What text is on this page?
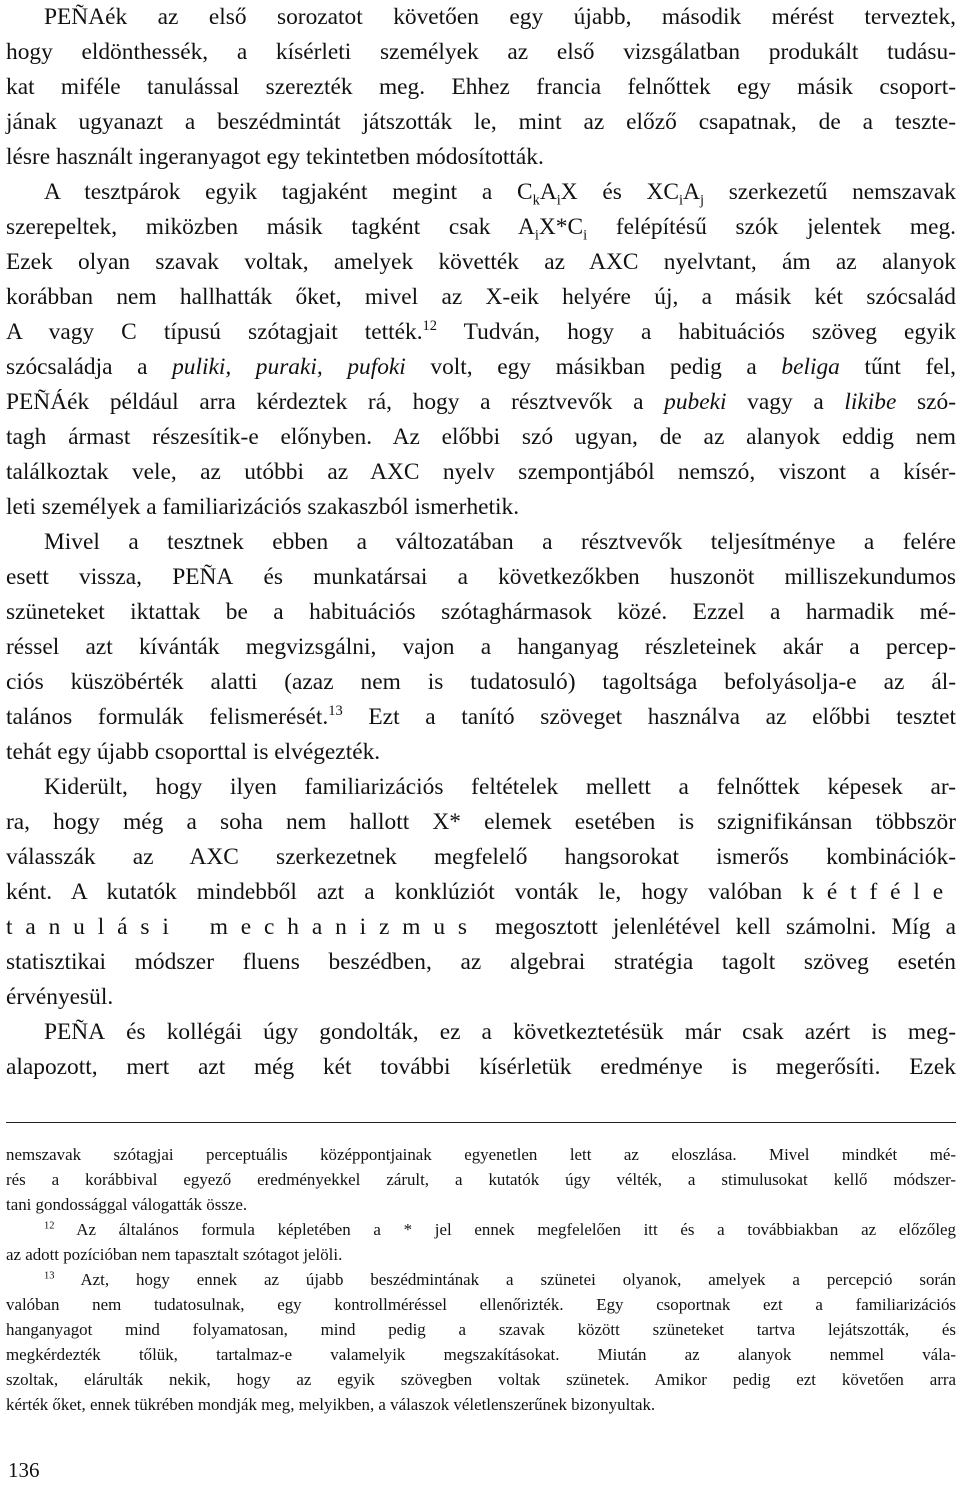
PEÑAék az első sorozatot követően egy újabb, második mérést terveztek,
hogy eldönthessék, a kísérleti személyek az első vizsgálatban produkált tudásu-
kat miféle tanulással szerezték meg. Ehhez francia felnőttek egy másik csoport-
jának ugyanazt a beszédmintát játszották le, mint az előző csapatnak, de a teszte-
lésre használt ingeranyagot egy tekintetben módosították.

A tesztpárok egyik tagjaként megint a $C_kA_iX$ és $XC_iA_j$ szerkezetű nemszavak
szerepeltek, miközben másik tagként csak $A_iX*C_i$ felépítésű szók jelentek meg.
Ezek olyan szavak voltak, amelyek követték az AXC nyelvtant, ám az alanyok
korábban nem hallhatták őket, mivel az X-eik helyére új, a másik két szócsalád
A vagy C típusú szótagjait tették.$^{12}$ Tudván, hogy a habituációs szöveg egyik
szócsaládja a puliki, puraki, pufoki volt, egy másikban pedig a beliga tűnt fel,
PEÑÁék például arra kérdeztek rá, hogy a résztvevők a pubeki vagy a likibe szó-
tagh ármast részesítik-e előnyben. Az előbbi szó ugyan, de az alanyok eddig nem
találkoztak vele, az utóbbi az AXC nyelv szempontjából nemszó, viszont a kísér-
leti személyek a familiarizációs szakaszból ismerhetik.

Mivel a tesztnek ebben a változatában a résztvevők teljesítménye a felére
esett vissza, PEÑA és munkatársai a következőkben huszonöt milliszekundumos
szüneteket iktattak be a habituációs szótaghármasok közé. Ezzel a harmadik mé-
réssel azt kívánták megvizsgálni, vajon a hanganyag részleteinek akár a percep-
ciós küszöbérték alatti (azaz nem is tudatosuló) tagoltsága befolyásolja-e az ál-
talános formulák felismerését.$^{13}$ Ezt a tanító szöveget használva az előbbi tesztet
tehát egy újabb csoporttal is elvégezték.

Kiderült, hogy ilyen familiarizációs feltételek mellett a felnőttek képesek ar-
ra, hogy még a soha nem hallott X* elemek esetében is szignifikánsan többször
válasszák az AXC szerkezetnek megfelelő hangsorokat ismerős kombinációk-
ként. A kutatók mindebből azt a konklúziót vonták le, hogy valóban kétféle
tanulási mechanizmus megosztott jelenlétével kell számolni. Míg a
statisztikai módszer fluens beszédben, az algebrai stratégia tagolt szöveg esetén
érvényesül.

PEÑA és kollégái úgy gondolták, ez a következtetésük már csak azért is meg-
alapozott, mert azt még két további kísérletük eredménye is megerősíti. Ezek

nemszavak szótagjai perceptuális középpontjainak egyenetlen lett az eloszlása. Mivel mindkét mé-
rés a korábbival egyező eredményekkel zárult, a kutatók úgy vélték, a stimulusokat kellő módszer-
tani gondossággal válogatták össze.

$^{12}$ Az általános formula képletében a * jel ennek megfelelően itt és a továbbiakban az előzőleg
az adott pozícióban nem tapasztalt szótagot jelöli.

$^{13}$ Azt, hogy ennek az újabb beszédmintának a szünetei olyanok, amelyek a percepció során
valóban nem tudatosulnak, egy kontrollméréssel ellenőrizték. Egy csoportnak ezt a familiarizációs
hanganyagot mind folyamatosan, mind pedig a szavak között szüneteket tartva lejátszották, és
megkérdezték tőlük, tartalmaz-e valamelyik megszakításokat. Miután az alanyok nemmel vála-
szoltak, elárulták nekik, hogy az egyik szövegben voltak szünetek. Amikor pedig ezt követően arra
kérték őket, ennek tükrében mondják meg, melyikben, a válaszok véletlenszerűnek bizonyultak.

136
